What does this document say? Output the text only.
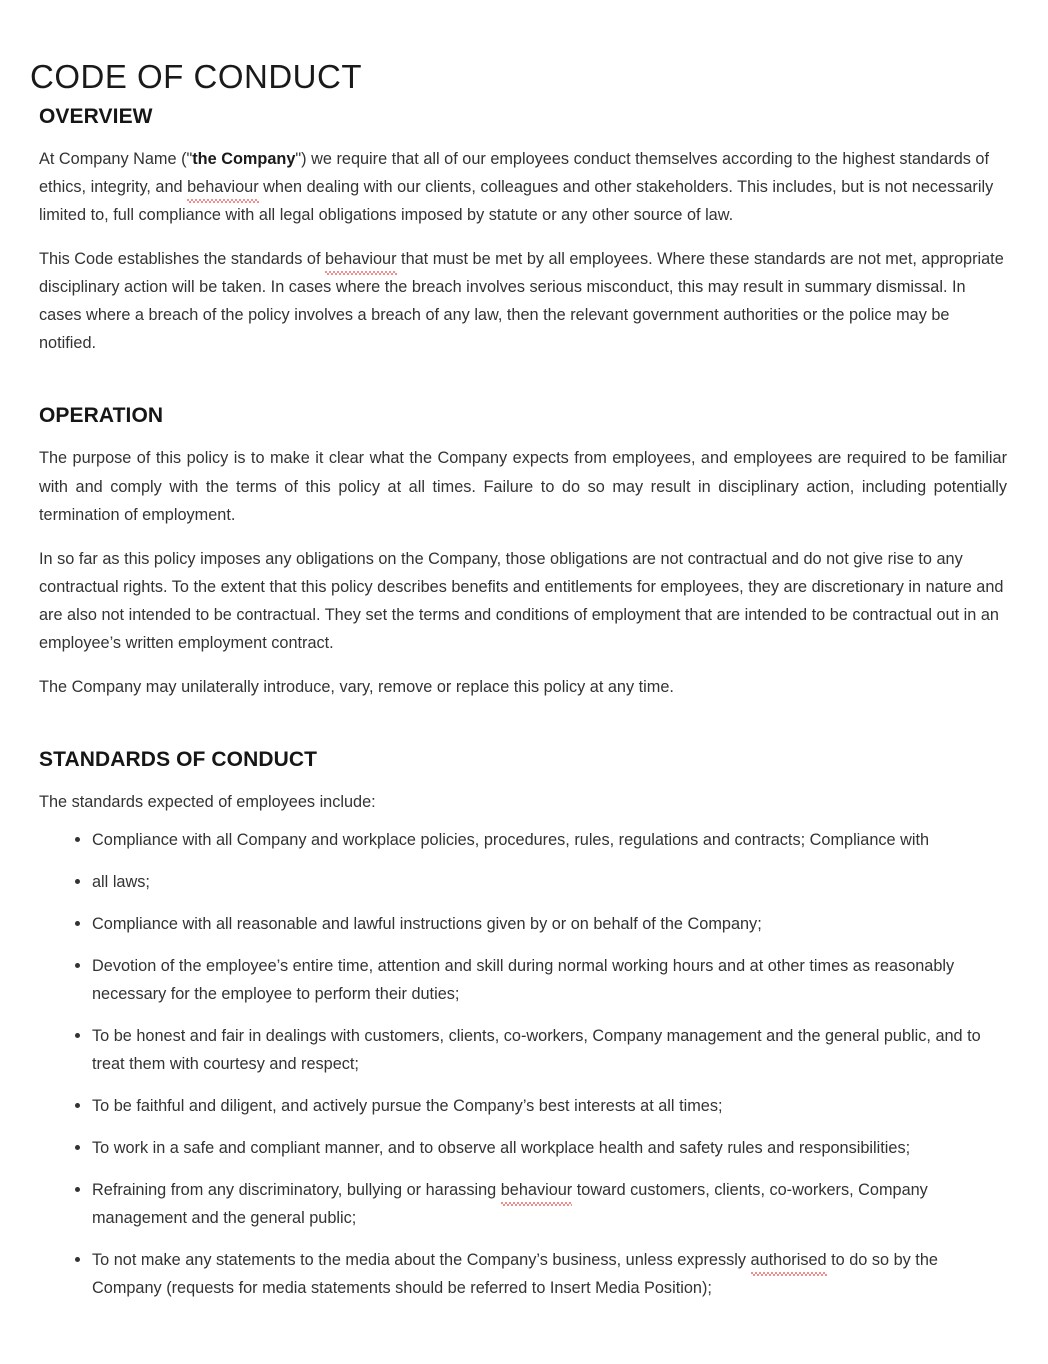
CODE OF CONDUCT
OVERVIEW

At Company Name ("the Company") we require that all of our employees conduct themselves according to the highest standards of ethics, integrity, and behaviour when dealing with our clients, colleagues and other stakeholders. This includes, but is not necessarily limited to, full compliance with all legal obligations imposed by statute or any other source of law.

This Code establishes the standards of behaviour that must be met by all employees. Where these standards are not met, appropriate disciplinary action will be taken. In cases where the breach involves serious misconduct, this may result in summary dismissal. In cases where a breach of the policy involves a breach of any law, then the relevant government authorities or the police may be notified.

OPERATION

The purpose of this policy is to make it clear what the Company expects from employees, and employees are required to be familiar with and comply with the terms of this policy at all times. Failure to do so may result in disciplinary action, including potentially termination of employment.

In so far as this policy imposes any obligations on the Company, those obligations are not contractual and do not give rise to any contractual rights. To the extent that this policy describes benefits and entitlements for employees, they are discretionary in nature and are also not intended to be contractual. They set the terms and conditions of employment that are intended to be contractual out in an employee’s written employment contract.

The Company may unilaterally introduce, vary, remove or replace this policy at any time.

STANDARDS OF CONDUCT

The standards expected of employees include:

Compliance with all Company and workplace policies, procedures, rules, regulations and contracts; Compliance with
all laws;
Compliance with all reasonable and lawful instructions given by or on behalf of the Company;
Devotion of the employee’s entire time, attention and skill during normal working hours and at other times as reasonably necessary for the employee to perform their duties;
To be honest and fair in dealings with customers, clients, co-workers, Company management and the general public, and to treat them with courtesy and respect;
To be faithful and diligent, and actively pursue the Company’s best interests at all times;
To work in a safe and compliant manner, and to observe all workplace health and safety rules and responsibilities;
Refraining from any discriminatory, bullying or harassing behaviour toward customers, clients, co-workers, Company management and the general public;
To not make any statements to the media about the Company’s business, unless expressly authorised to do so by the Company (requests for media statements should be referred to Insert Media Position);
